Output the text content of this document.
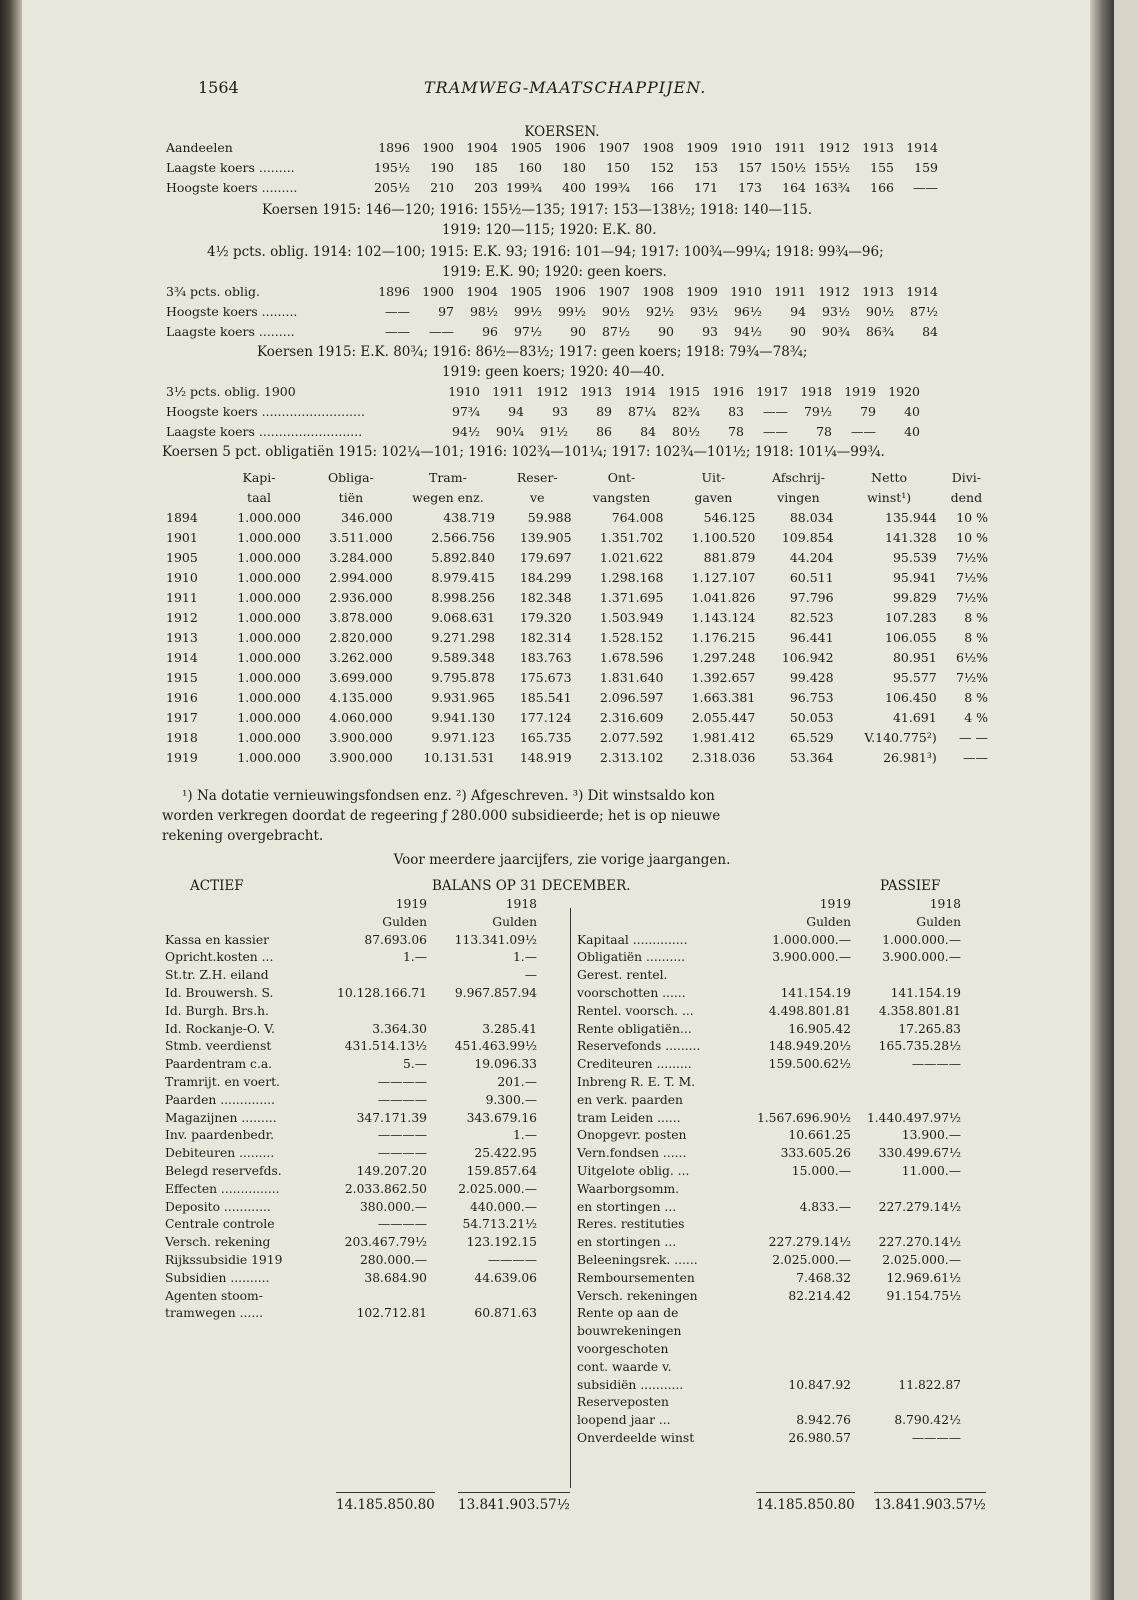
1564	TRAMWEG-MAATSCHAPPIJEN.
KOERSEN.
Aandeelen	1896	1900	1904	1905	1906	1907	1908	1909	1910	1911	1912	1913	1914
Laagste koers .........	195½	190	185	160	180	150	152	153	157	150½	155½	155	159
Hoogste koers .........	205½	210	203	199¾	400	199¾	166	171	173	164	163¾	166	——
Koersen 1915: 146—120; 1916: 155½—135; 1917: 153—138½; 1918: 140—115.
1919: 120—115; 1920: E.K. 80.
4½ pcts. oblig. 1914: 102—100; 1915: E.K. 93; 1916: 101—94; 1917: 100¾—99¼; 1918: 99¾—96;
1919: E.K. 90; 1920: geen koers.
3¾ pcts. oblig.	1896	1900	1904	1905	1906	1907	1908	1909	1910	1911	1912	1913	1914
Hoogste koers .........	——	97	98½	99½	99½	90½	92½	93½	96½	94	93½	90½	87½
Laagste koers .........	——	——	96	97½	90	87½	90	93	94½	90	90¾	86¾	84
Koersen 1915: E.K. 80¾; 1916: 86½—83½; 1917: geen koers; 1918: 79¾—78¾;
1919: geen koers; 1920: 40—40.
3½ pcts. oblig. 1900	1910	1911	1912	1913	1914	1915	1916	1917	1918	1919	1920
Hoogste koers ..........................	97¾	94	93	89	87¼	82¾	83	——	79½	79	40
Laagste koers ..........................	94½	90¼	91½	86	84	80½	78	——	78	——	40
Koersen 5 pct. obligatiën 1915: 102¼—101; 1916: 102¾—101¼; 1917: 102¾—101½; 1918: 101¼—99¾.
	Kapi-	Obliga-	Tram-	Reser-	Ont-	Uit-	Afschrij-	Netto	Divi-
	taal	tiën	wegen enz.	ve	vangsten	gaven	vingen	winst¹)	dend
1894	1.000.000	346.000	438.719	59.988	764.008	546.125	88.034	135.944	10 %
1901	1.000.000	3.511.000	2.566.756	139.905	1.351.702	1.100.520	109.854	141.328	10 %
1905	1.000.000	3.284.000	5.892.840	179.697	1.021.622	881.879	44.204	95.539	7½%
1910	1.000.000	2.994.000	8.979.415	184.299	1.298.168	1.127.107	60.511	95.941	7½%
1911	1.000.000	2.936.000	8.998.256	182.348	1.371.695	1.041.826	97.796	99.829	7½%
1912	1.000.000	3.878.000	9.068.631	179.320	1.503.949	1.143.124	82.523	107.283	8 %
1913	1.000.000	2.820.000	9.271.298	182.314	1.528.152	1.176.215	96.441	106.055	8 %
1914	1.000.000	3.262.000	9.589.348	183.763	1.678.596	1.297.248	106.942	80.951	6½%
1915	1.000.000	3.699.000	9.795.878	175.673	1.831.640	1.392.657	99.428	95.577	7½%
1916	1.000.000	4.135.000	9.931.965	185.541	2.096.597	1.663.381	96.753	106.450	8 %
1917	1.000.000	4.060.000	9.941.130	177.124	2.316.609	2.055.447	50.053	41.691	4 %
1918	1.000.000	3.900.000	9.971.123	165.735	2.077.592	1.981.412	65.529	V.140.775²)	— —
1919	1.000.000	3.900.000	10.131.531	148.919	2.313.102	2.318.036	53.364	26.981³)	——
¹) Na dotatie vernieuwingsfondsen enz. ²) Afgeschreven. ³) Dit winstsaldo kon
worden verkregen doordat de regeering ƒ 280.000 subsidieerde; het is op nieuwe
rekening overgebracht.
Voor meerdere jaarcijfers, zie vorige jaargangen.
ACTIEF	BALANS OP 31 DECEMBER.	PASSIEF
	1919	1918
	Gulden	Gulden
Kassa en kassier	87.693.06	113.341.09½
Opricht.kosten ...	1.—	1.—
St.tr. Z.H. eiland		—
Id. Brouwersh. S.	10.128.166.71	9.967.857.94
Id. Burgh. Brs.h.		
Id. Rockanje-O. V.	3.364.30	3.285.41
Stmb. veerdienst	431.514.13½	451.463.99½
Paardentram c.a.	5.—	19.096.33
Tramrijt. en voert.	————	201.—
Paarden ..............	————	9.300.—
Magazijnen .........	347.171.39	343.679.16
Inv. paardenbedr.	————	1.—
Debiteuren .........	————	25.422.95
Belegd reservefds.	149.207.20	159.857.64
Effecten ...............	2.033.862.50	2.025.000.—
Deposito ............	380.000.—	440.000.—
Centrale controle	————	54.713.21½
Versch. rekening	203.467.79½	123.192.15
Rijkssubsidie 1919	280.000.—	————
Subsidien ..........	38.684.90	44.639.06
Agenten stoom-		
tramwegen ......	102.712.81	60.871.63
	1919	1918
	Gulden	Gulden
Kapitaal ..............	1.000.000.—	1.000.000.—
Obligatiën ..........	3.900.000.—	3.900.000.—
Gerest. rentel.		
voorschotten ......	141.154.19	141.154.19
Rentel. voorsch. ...	4.498.801.81	4.358.801.81
Rente obligatiën...	16.905.42	17.265.83
Reservefonds .........	148.949.20½	165.735.28½
Crediteuren .........	159.500.62½	————
Inbreng R. E. T. M.		
en verk. paarden		
tram Leiden ......	1.567.696.90½	1.440.497.97½
Onopgevr. posten	10.661.25	13.900.—
Vern.fondsen ......	333.605.26	330.499.67½
Uitgelote oblig. ...	15.000.—	11.000.—
Waarborgsomm.		
en stortingen ...	4.833.—	227.279.14½
Reres. restituties		
en stortingen ...	227.279.14½	227.270.14½
Beleeningsrek. ......	2.025.000.—	2.025.000.—
Remboursementen	7.468.32	12.969.61½
Versch. rekeningen	82.214.42	91.154.75½
Rente op aan de		
bouwrekeningen		
voorgeschoten		
cont. waarde v.		
subsidiën ...........	10.847.92	11.822.87
Reserveposten		
loopend jaar ...	8.942.76	8.790.42½
Onverdeelde winst	26.980.57	————
14.185.850.80 13.841.903.57½	14.185.850.80 13.841.903.57½
